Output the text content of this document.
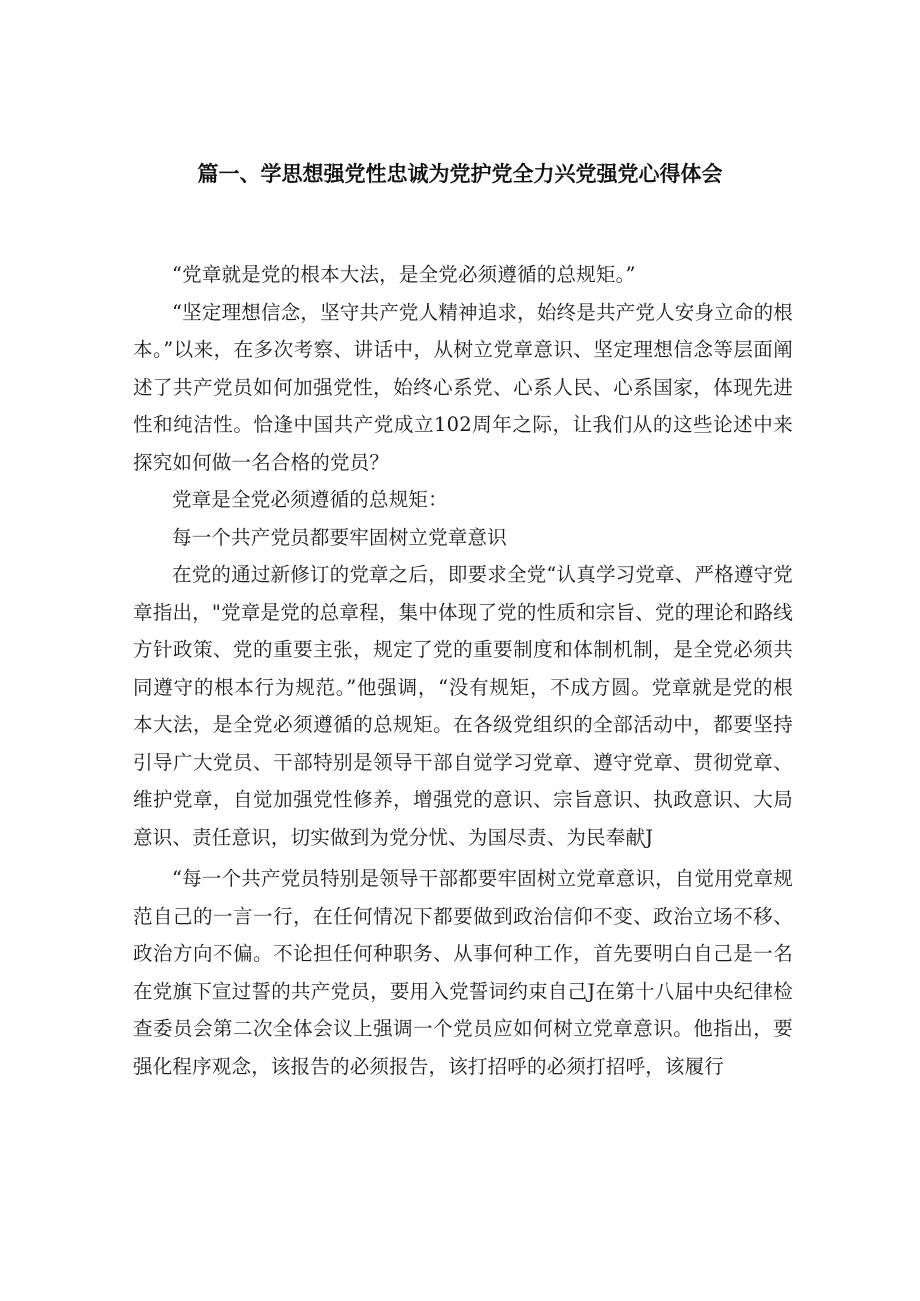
篇一、学思想强党性忠诚为党护党全力兴党强党心得体会

“党章就是党的根本大法，是全党必须遵循的总规矩。”

“坚定理想信念，坚守共产党人精神追求，始终是共产党人安身立命的根本。”以来，在多次考察、讲话中，从树立党章意识、坚定理想信念等层面阐述了共产党员如何加强党性，始终心系党、心系人民、心系国家，体现先进性和纯洁性。恰逢中国共产党成立102周年之际，让我们从的这些论述中来探究如何做一名合格的党员？

党章是全党必须遵循的总规矩：

每一个共产党员都要牢固树立党章意识

在党的通过新修订的党章之后，即要求全党“认真学习党章、严格遵守党章指出，"党章是党的总章程，集中体现了党的性质和宗旨、党的理论和路线方针政策、党的重要主张，规定了党的重要制度和体制机制，是全党必须共同遵守的根本行为规范。”他强调，“没有规矩，不成方圆。党章就是党的根本大法，是全党必须遵循的总规矩。在各级党组织的全部活动中，都要坚持引导广大党员、干部特别是领导干部自觉学习党章、遵守党章、贯彻党章、维护党章，自觉加强党性修养，增强党的意识、宗旨意识、执政意识、大局意识、责任意识，切实做到为党分忧、为国尽责、为民奉献J

“每一个共产党员特别是领导干部都要牢固树立党章意识，自觉用党章规范自己的一言一行，在任何情况下都要做到政治信仰不变、政治立场不移、政治方向不偏。不论担任何种职务、从事何种工作，首先要明白自己是一名在党旗下宣过誓的共产党员，要用入党誓词约束自己J在第十八届中央纪律检查委员会第二次全体会议上强调一个党员应如何树立党章意识。他指出，要强化程序观念，该报告的必须报告，该打招呼的必须打招呼，该履行
